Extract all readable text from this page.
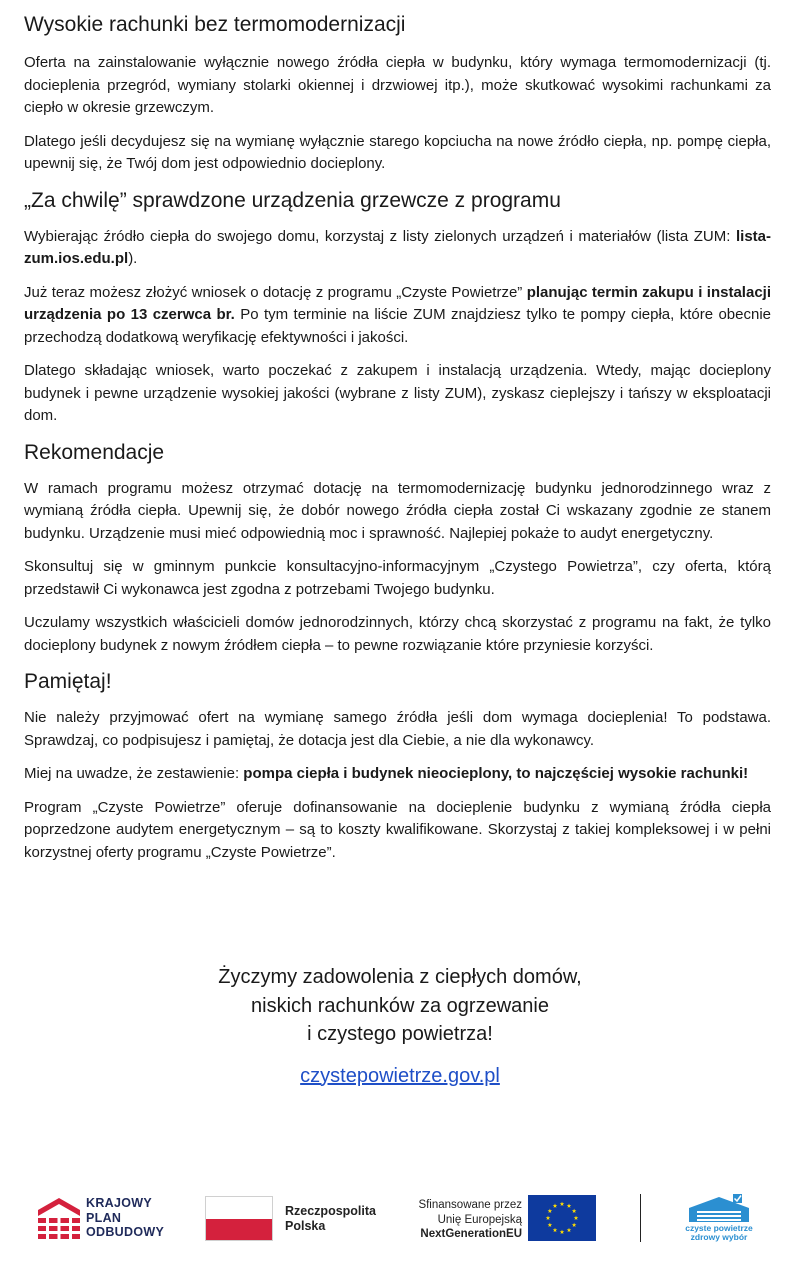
Wysokie rachunki bez termomodernizacji

Oferta na zainstalowanie wyłącznie nowego źródła ciepła w budynku, który wymaga termomodernizacji (tj. docieplenia przegród, wymiany stolarki okiennej i drzwiowej itp.), może skutkować wysokimi rachunkami za ciepło w okresie grzewczym.

Dlatego jeśli decydujesz się na wymianę wyłącznie starego kopciucha na nowe źródło ciepła, np. pompę ciepła, upewnij się, że Twój dom jest odpowiednio docieplony.

„Za chwilę” sprawdzone urządzenia grzewcze z programu

Wybierając źródło ciepła do swojego domu, korzystaj z listy zielonych urządzeń i materiałów (lista ZUM: lista-zum.ios.edu.pl).

Już teraz możesz złożyć wniosek o dotację z programu „Czyste Powietrze” planując termin zakupu i instalacji urządzenia po 13 czerwca br. Po tym terminie na liście ZUM znajdziesz tylko te pompy ciepła, które obecnie przechodzą dodatkową weryfikację efektywności i jakości.

Dlatego składając wniosek, warto poczekać z zakupem i instalacją urządzenia. Wtedy, mając docieplony budynek i pewne urządzenie wysokiej jakości (wybrane z listy ZUM), zyskasz cieplejszy i tańszy w eksploatacji dom.

Rekomendacje

W ramach programu możesz otrzymać dotację na termomodernizację budynku jednorodzinnego wraz z wymianą źródła ciepła. Upewnij się, że dobór nowego źródła ciepła został Ci wskazany zgodnie ze stanem budynku. Urządzenie musi mieć odpowiednią moc i sprawność. Najlepiej pokaże to audyt energetyczny.

Skonsultuj się w gminnym punkcie konsultacyjno-informacyjnym „Czystego Powietrza”, czy oferta, którą przedstawił Ci wykonawca jest zgodna z potrzebami Twojego budynku.

Uczulamy wszystkich właścicieli domów jednorodzinnych, którzy chcą skorzystać z programu na fakt, że tylko docieplony budynek z nowym źródłem ciepła – to pewne rozwiązanie które przyniesie korzyści.

Pamiętaj!

Nie należy przyjmować ofert na wymianę samego źródła jeśli dom wymaga docieplenia! To podstawa. Sprawdzaj, co podpisujesz i pamiętaj, że dotacja jest dla Ciebie, a nie dla wykonawcy.

Miej na uwadze, że zestawienie: pompa ciepła i budynek nieocieplony, to najczęściej wysokie rachunki!

Program „Czyste Powietrze” oferuje dofinansowanie na docieplenie budynku z wymianą źródła ciepła poprzedzone audytem energetycznym – są to koszty kwalifikowane. Skorzystaj z takiej kompleksowej i w pełni korzystnej oferty programu „Czyste Powietrze”.

Życzymy zadowolenia z ciepłych domów,
niskich rachunków za ogrzewanie
i czystego powietrza!
czystepowietrze.gov.pl
KRAJOWY
PLAN
ODBUDOWY
Rzeczpospolita
Polska
Sfinansowane przez
Unię Europejską
NextGenerationEU	czyste powietrze
zdrowy wybór
